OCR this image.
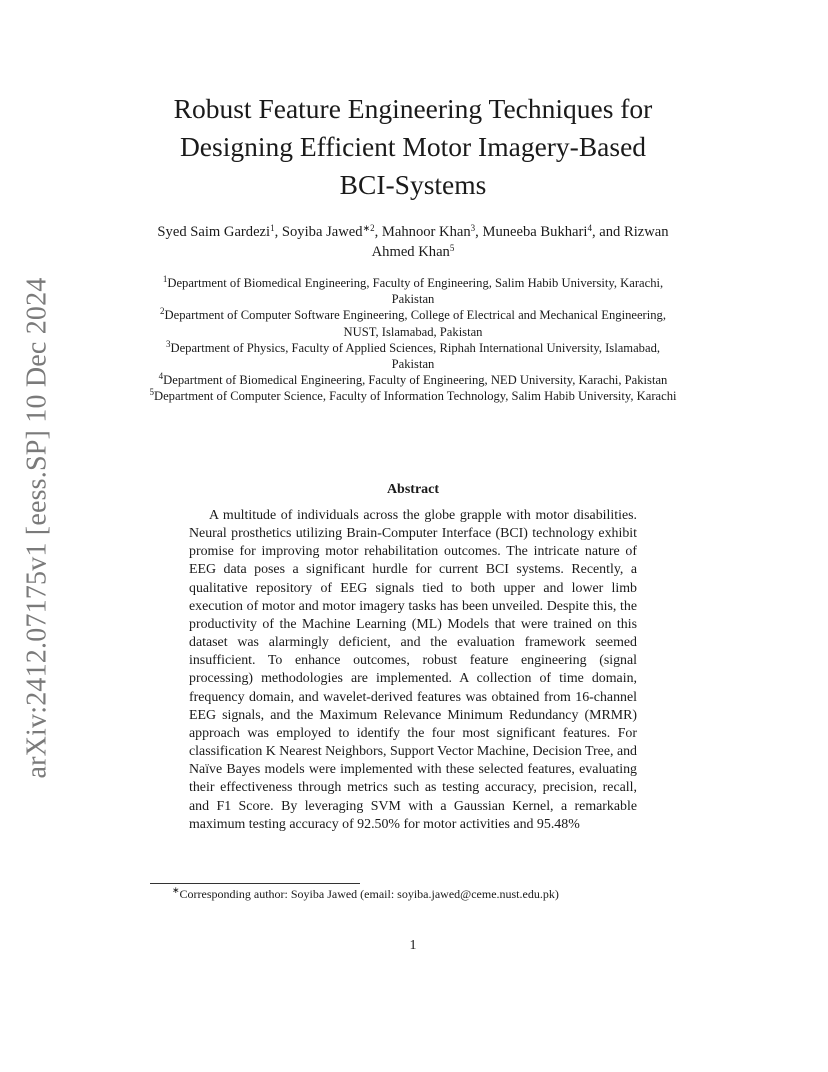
arXiv:2412.07175v1 [eess.SP] 10 Dec 2024
Robust Feature Engineering Techniques for Designing Efficient Motor Imagery-Based BCI-Systems

Syed Saim Gardezi$^1$, Soyiba Jawed$^{∗2}$, Mahnoor Khan$^3$, Muneeba Bukhari$^4$, and Rizwan Ahmed Khan$^5$

$^1$Department of Biomedical Engineering, Faculty of Engineering, Salim Habib University, Karachi, Pakistan
$^2$Department of Computer Software Engineering, College of Electrical and Mechanical Engineering, NUST, Islamabad, Pakistan
$^3$Department of Physics, Faculty of Applied Sciences, Riphah International University, Islamabad, Pakistan
$^4$Department of Biomedical Engineering, Faculty of Engineering, NED University, Karachi, Pakistan
$^5$Department of Computer Science, Faculty of Information Technology, Salim Habib University, Karachi
Abstract

A multitude of individuals across the globe grapple with motor disabilities. Neural prosthetics utilizing Brain-Computer Interface (BCI) technology exhibit promise for improving motor rehabilitation outcomes. The intricate nature of EEG data poses a significant hurdle for current BCI systems. Recently, a qualitative repository of EEG signals tied to both upper and lower limb execution of motor and motor imagery tasks has been unveiled. Despite this, the productivity of the Machine Learning (ML) Models that were trained on this dataset was alarmingly deficient, and the evaluation framework seemed insufficient. To enhance outcomes, robust feature engineering (signal processing) methodologies are implemented. A collection of time domain, frequency domain, and wavelet-derived features was obtained from 16-channel EEG signals, and the Maximum Relevance Minimum Redundancy (MRMR) approach was employed to identify the four most significant features. For classification K Nearest Neighbors, Support Vector Machine, Decision Tree, and Naïve Bayes models were implemented with these selected features, evaluating their effectiveness through metrics such as testing accuracy, precision, recall, and F1 Score. By leveraging SVM with a Gaussian Kernel, a remarkable maximum testing accuracy of 92.50% for motor activities and 95.48%

∗Corresponding author: Soyiba Jawed (email: soyiba.jawed@ceme.nust.edu.pk)

1
